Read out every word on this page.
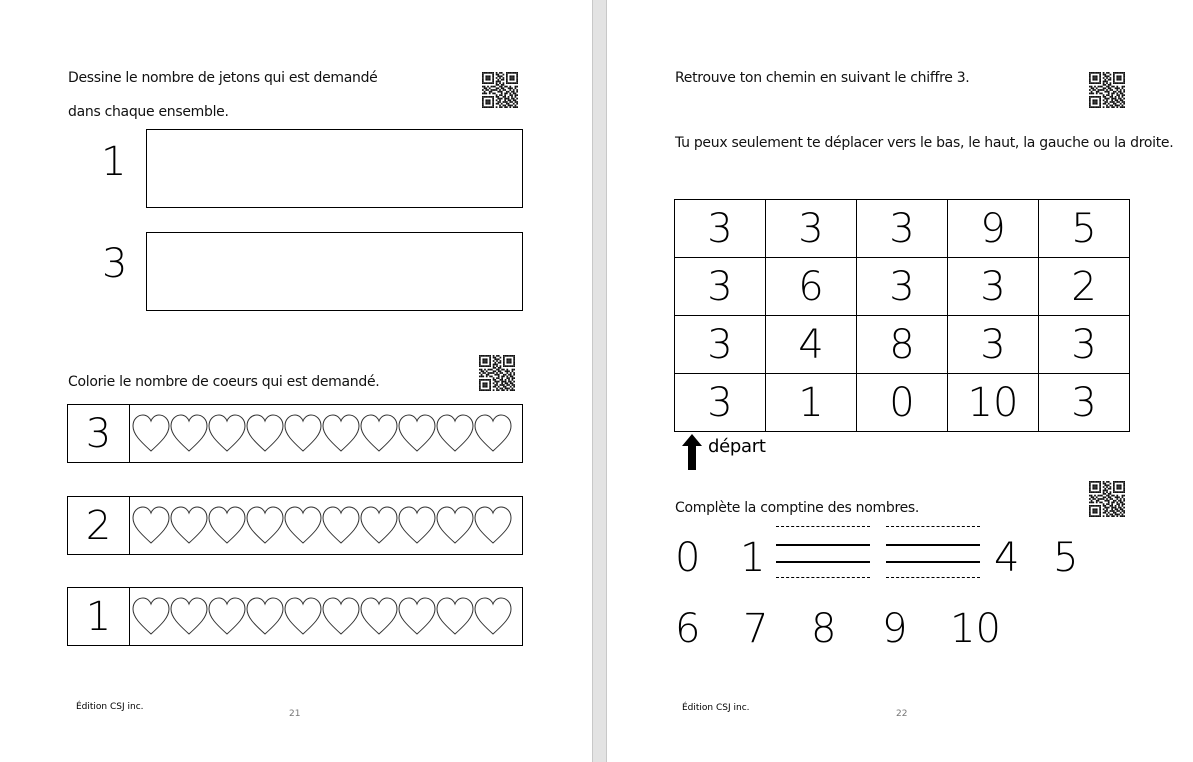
Dessine le nombre de jetons qui est demandé
dans chaque ensemble.
1
3
Colorie le nombre de coeurs qui est demandé.
3
2
1
Édition CSJ inc.
21
Retrouve ton chemin en suivant le chiffre 3.
Tu peux seulement te déplacer vers le bas, le haut, la gauche ou la droite.
3	3	3	9	5
3	6	3	3	2
3	4	8	3	3
3	1	0	10	3
départ
Complète la comptine des nombres.
0 1	4 5
6 7 8 9 10
Édition CSJ inc.
22
